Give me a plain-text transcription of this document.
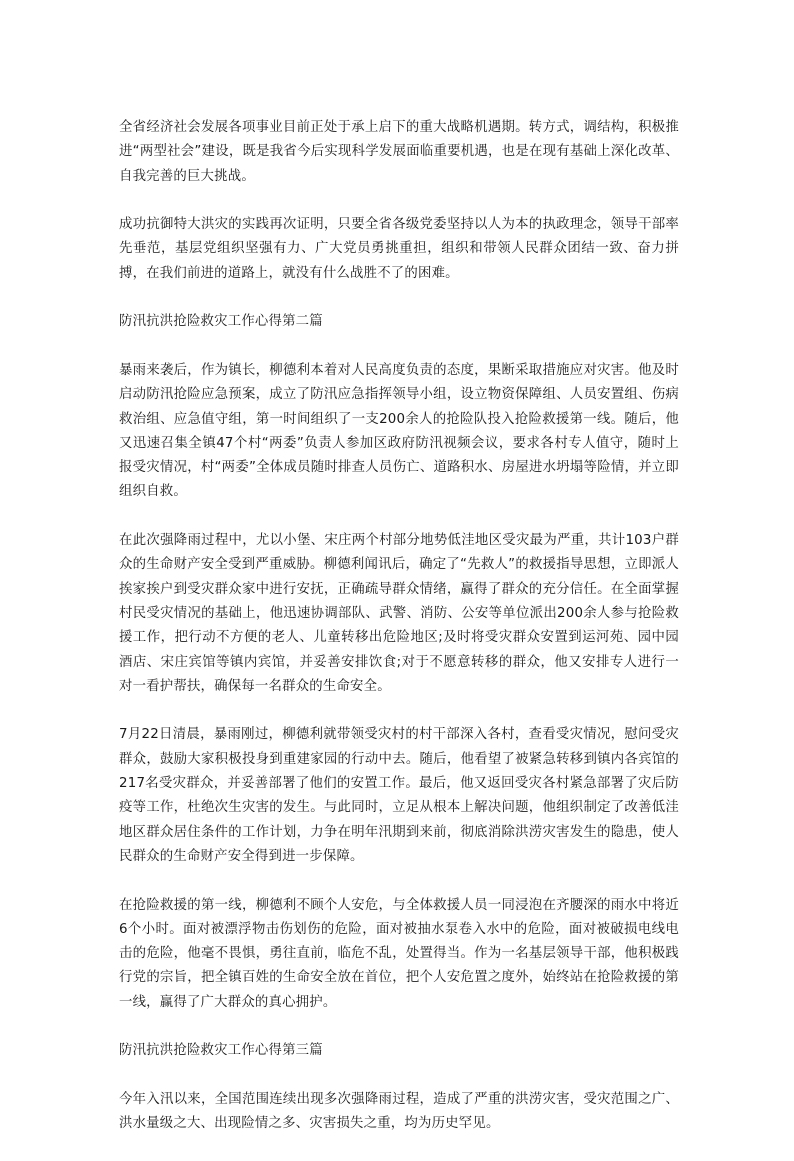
全省经济社会发展各项事业目前正处于承上启下的重大战略机遇期。转方式，调结构，积极推进“两型社会”建设，既是我省今后实现科学发展面临重要机遇，也是在现有基础上深化改革、自我完善的巨大挑战。

成功抗御特大洪灾的实践再次证明，只要全省各级党委坚持以人为本的执政理念，领导干部率先垂范，基层党组织坚强有力、广大党员勇挑重担，组织和带领人民群众团结一致、奋力拼搏，在我们前进的道路上，就没有什么战胜不了的困难。

防汛抗洪抢险救灾工作心得第二篇

暴雨来袭后，作为镇长，柳德利本着对人民高度负责的态度，果断采取措施应对灾害。他及时启动防汛抢险应急预案，成立了防汛应急指挥领导小组，设立物资保障组、人员安置组、伤病救治组、应急值守组，第一时间组织了一支200余人的抢险队投入抢险救援第一线。随后，他又迅速召集全镇47个村“两委”负责人参加区政府防汛视频会议，要求各村专人值守，随时上报受灾情况，村“两委”全体成员随时排查人员伤亡、道路积水、房屋进水坍塌等险情，并立即组织自救。

在此次强降雨过程中，尤以小堡、宋庄两个村部分地势低洼地区受灾最为严重，共计103户群众的生命财产安全受到严重威胁。柳德利闻讯后，确定了“先救人”的救援指导思想，立即派人挨家挨户到受灾群众家中进行安抚，正确疏导群众情绪，赢得了群众的充分信任。在全面掌握村民受灾情况的基础上，他迅速协调部队、武警、消防、公安等单位派出200余人参与抢险救援工作，把行动不方便的老人、儿童转移出危险地区;及时将受灾群众安置到运河苑、园中园酒店、宋庄宾馆等镇内宾馆，并妥善安排饮食;对于不愿意转移的群众，他又安排专人进行一对一看护帮扶，确保每一名群众的生命安全。

7月22日清晨，暴雨刚过，柳德利就带领受灾村的村干部深入各村，查看受灾情况，慰问受灾群众，鼓励大家积极投身到重建家园的行动中去。随后，他看望了被紧急转移到镇内各宾馆的217名受灾群众，并妥善部署了他们的安置工作。最后，他又返回受灾各村紧急部署了灾后防疫等工作，杜绝次生灾害的发生。与此同时，立足从根本上解决问题，他组织制定了改善低洼地区群众居住条件的工作计划，力争在明年汛期到来前，彻底消除洪涝灾害发生的隐患，使人民群众的生命财产安全得到进一步保障。

在抢险救援的第一线，柳德利不顾个人安危，与全体救援人员一同浸泡在齐腰深的雨水中将近6个小时。面对被漂浮物击伤划伤的危险，面对被抽水泵卷入水中的危险，面对被破损电线电击的危险，他毫不畏惧，勇往直前，临危不乱，处置得当。作为一名基层领导干部，他积极践行党的宗旨，把全镇百姓的生命安全放在首位，把个人安危置之度外，始终站在抢险救援的第一线，赢得了广大群众的真心拥护。

防汛抗洪抢险救灾工作心得第三篇

今年入汛以来，全国范围连续出现多次强降雨过程，造成了严重的洪涝灾害，受灾范围之广、洪水量级之大、出现险情之多、灾害损失之重，均为历史罕见。
